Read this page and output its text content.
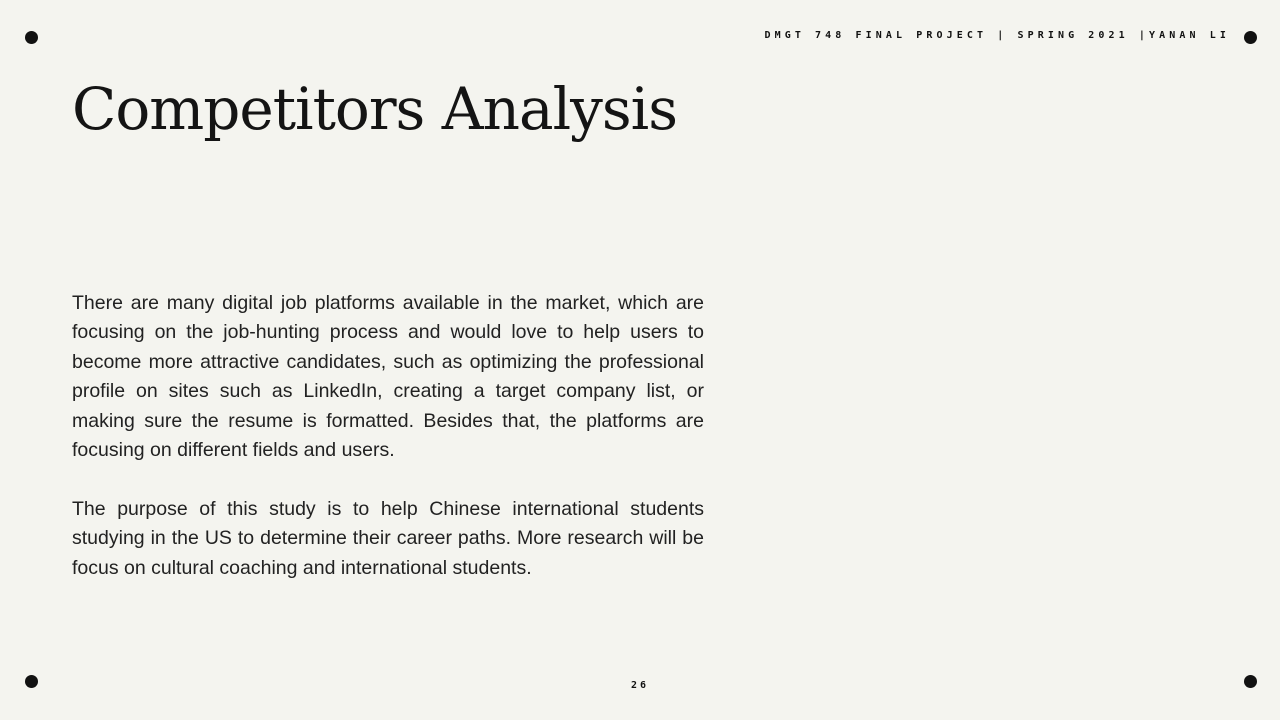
DMGT 748 FINAL PROJECT | SPRING 2021 |YANAN LI
Competitors Analysis

There are many digital job platforms available in the market, which are focusing on the job-hunting process and would love to help users to become more attractive candidates, such as optimizing the professional profile on sites such as LinkedIn, creating a target company list, or making sure the resume is formatted. Besides that, the platforms are focusing on different fields and users.

The purpose of this study is to help Chinese international students studying in the US to determine their career paths. More research will be focus on cultural coaching and international students.

26
